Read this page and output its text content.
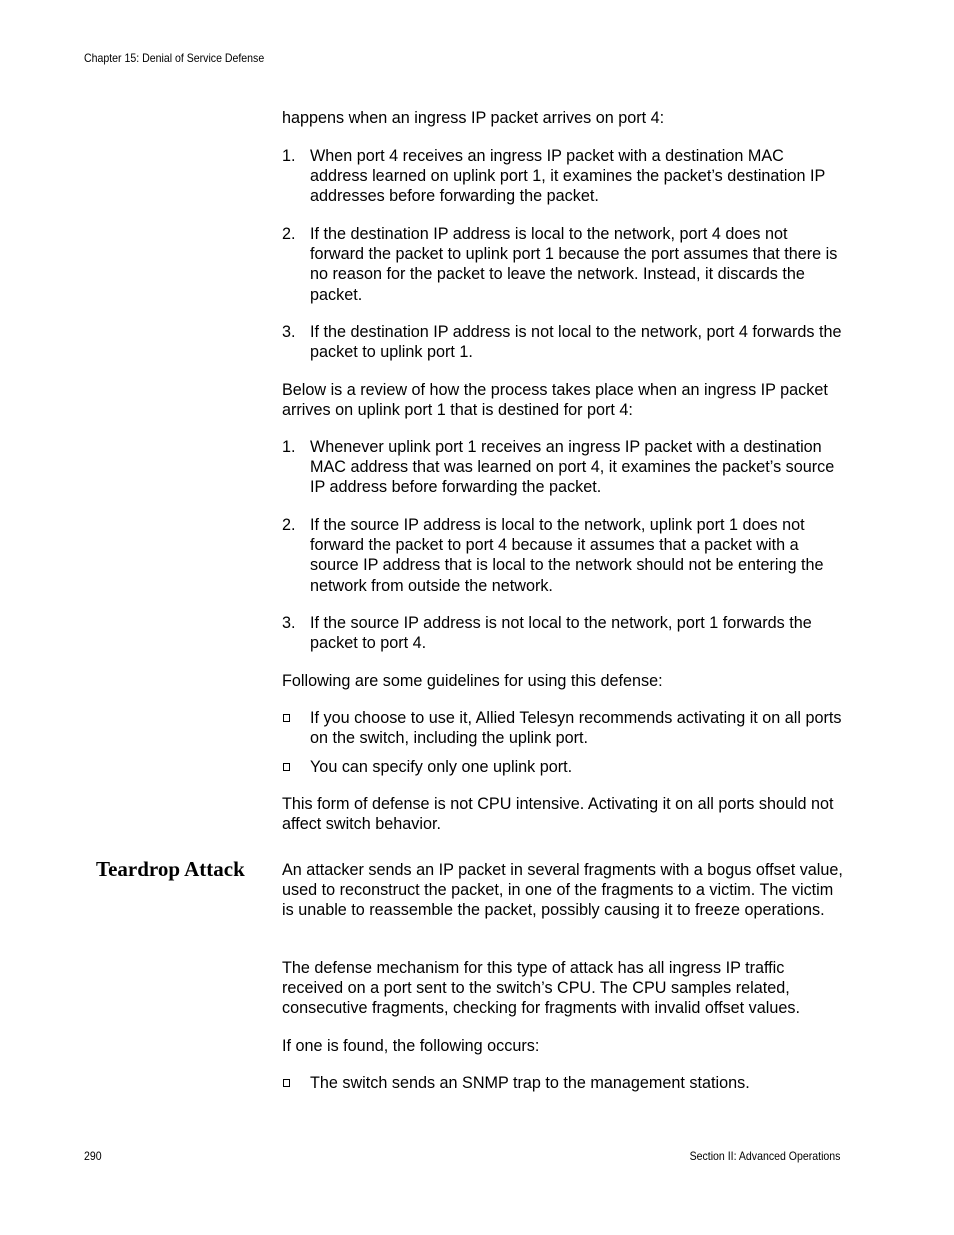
Chapter 15: Denial of Service Defense

happens when an ingress IP packet arrives on port 4:

1. When port 4 receives an ingress IP packet with a destination MAC address learned on uplink port 1, it examines the packet’s destination IP addresses before forwarding the packet.
2. If the destination IP address is local to the network, port 4 does not forward the packet to uplink port 1 because the port assumes that there is no reason for the packet to leave the network. Instead, it discards the packet.
3. If the destination IP address is not local to the network, port 4 forwards the packet to uplink port 1.

Below is a review of how the process takes place when an ingress IP packet arrives on uplink port 1 that is destined for port 4:

1. Whenever uplink port 1 receives an ingress IP packet with a destination MAC address that was learned on port 4, it examines the packet’s source IP address before forwarding the packet.
2. If the source IP address is local to the network, uplink port 1 does not forward the packet to port 4 because it assumes that a packet with a source IP address that is local to the network should not be entering the network from outside the network.
3. If the source IP address is not local to the network, port 1 forwards the packet to port 4.

Following are some guidelines for using this defense:

If you choose to use it, Allied Telesyn recommends activating it on all ports on the switch, including the uplink port.
You can specify only one uplink port.

This form of defense is not CPU intensive. Activating it on all ports should not affect switch behavior.

An attacker sends an IP packet in several fragments with a bogus offset value, used to reconstruct the packet, in one of the fragments to a victim. The victim is unable to reassemble the packet, possibly causing it to freeze operations.

The defense mechanism for this type of attack has all ingress IP traffic received on a port sent to the switch’s CPU. The CPU samples related, consecutive fragments, checking for fragments with invalid offset values.

If one is found, the following occurs:

The switch sends an SNMP trap to the management stations.
Teardrop Attack
290	Section II: Advanced Operations
